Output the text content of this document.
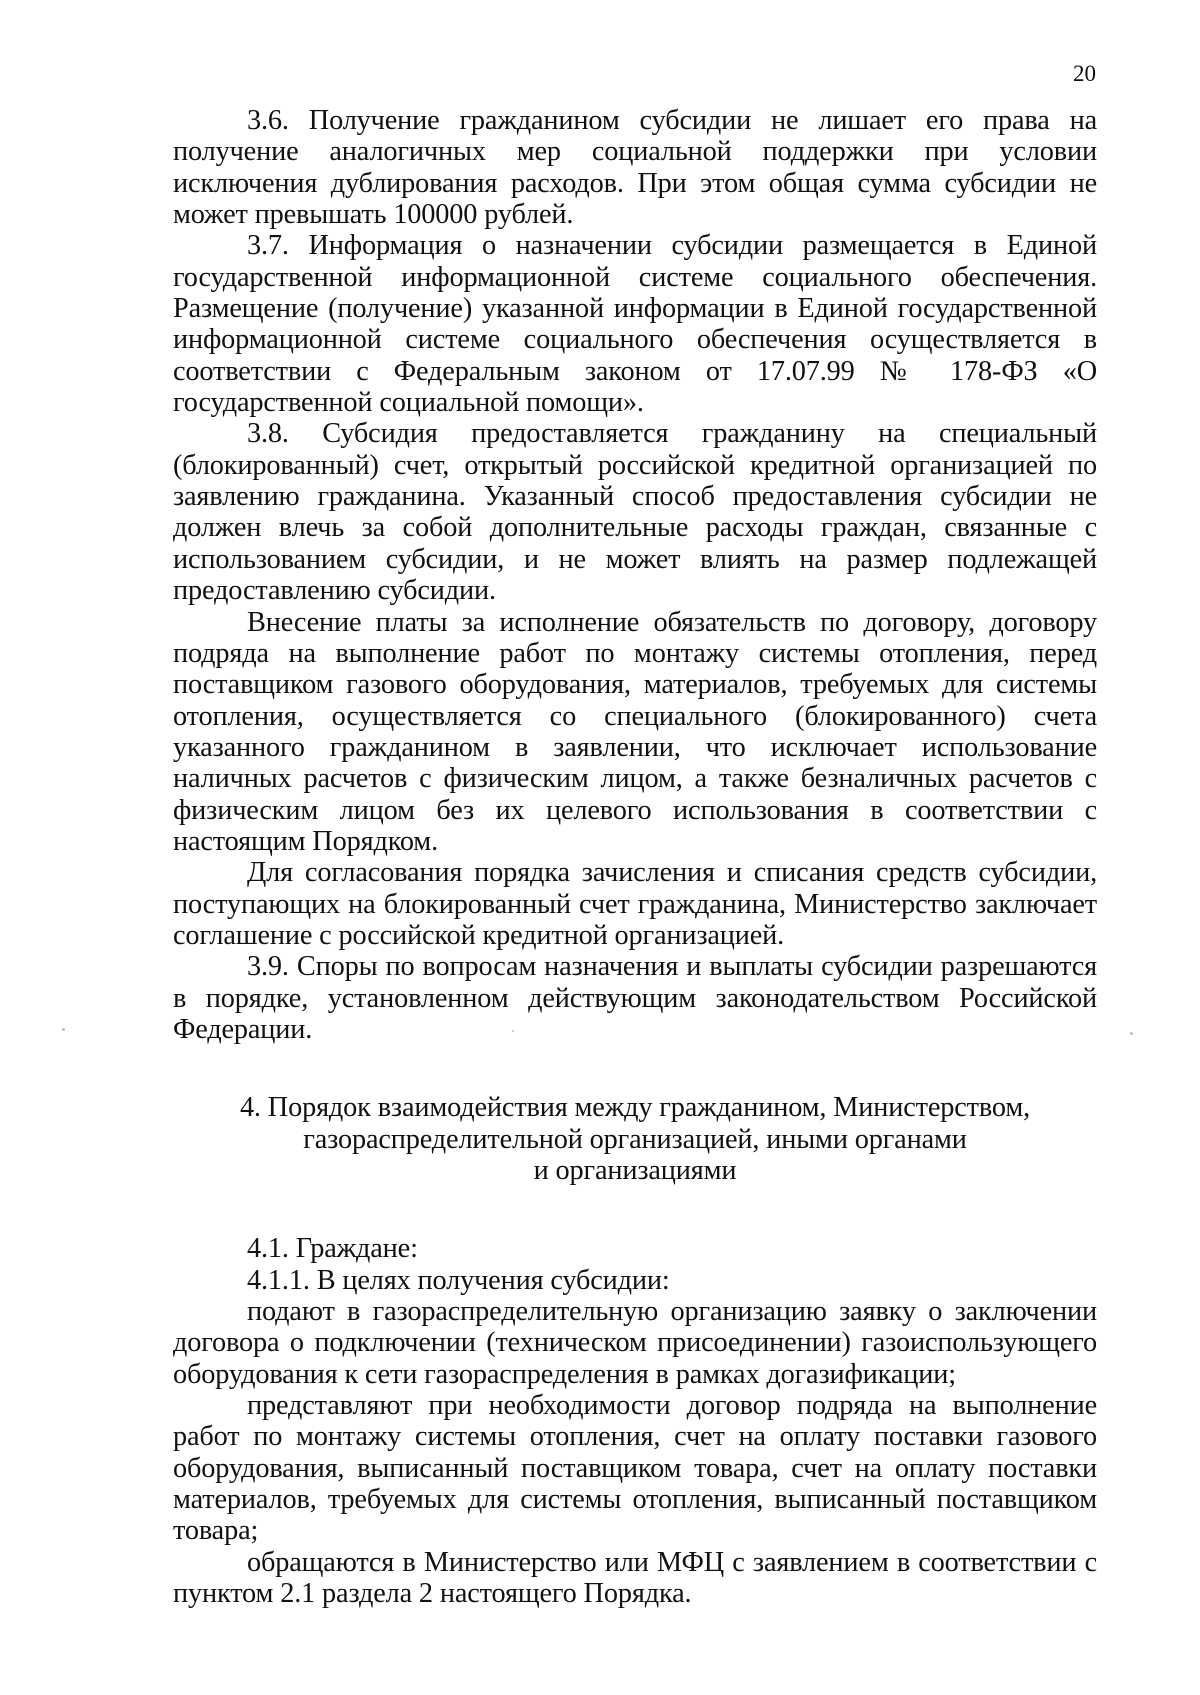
20

3.6. Получение гражданином субсидии не лишает его права на получение аналогичных мер социальной поддержки при условии исключения дублирования расходов. При этом общая сумма субсидии не может превышать 100000 рублей.

3.7. Информация о назначении субсидии размещается в Единой государственной информационной системе социального обеспечения. Размещение (получение) указанной информации в Единой государственной информационной системе социального обеспечения осуществляется в соответствии с Федеральным законом от 17.07.99 № 178-ФЗ «О государственной социальной помощи».

3.8. Субсидия предоставляется гражданину на специальный (блокированный) счет, открытый российской кредитной организацией по заявлению гражданина. Указанный способ предоставления субсидии не должен влечь за собой дополнительные расходы граждан, связанные с использованием субсидии, и не может влиять на размер подлежащей предоставлению субсидии.

Внесение платы за исполнение обязательств по договору, договору подряда на выполнение работ по монтажу системы отопления, перед поставщиком газового оборудования, материалов, требуемых для системы отопления, осуществляется со специального (блокированного) счета указанного гражданином в заявлении, что исключает использование наличных расчетов с физическим лицом, а также безналичных расчетов с физическим лицом без их целевого использования в соответствии с настоящим Порядком.

Для согласования порядка зачисления и списания средств субсидии, поступающих на блокированный счет гражданина, Министерство заключает соглашение с российской кредитной организацией.

3.9. Споры по вопросам назначения и выплаты субсидии разрешаются в порядке, установленном действующим законодательством Российской Федерации.

4. Порядок взаимодействия между гражданином, Министерством,
газораспределительной организацией, иными органами
и организациями

4.1. Граждане:

4.1.1. В целях получения субсидии:

подают в газораспределительную организацию заявку о заключении договора о подключении (техническом присоединении) газоиспользующего оборудования к сети газораспределения в рамках догазификации;

представляют при необходимости договор подряда на выполнение работ по монтажу системы отопления, счет на оплату поставки газового оборудования, выписанный поставщиком товара, счет на оплату поставки материалов, требуемых для системы отопления, выписанный поставщиком товара;

обращаются в Министерство или МФЦ с заявлением в соответствии с пунктом 2.1 раздела 2 настоящего Порядка.
